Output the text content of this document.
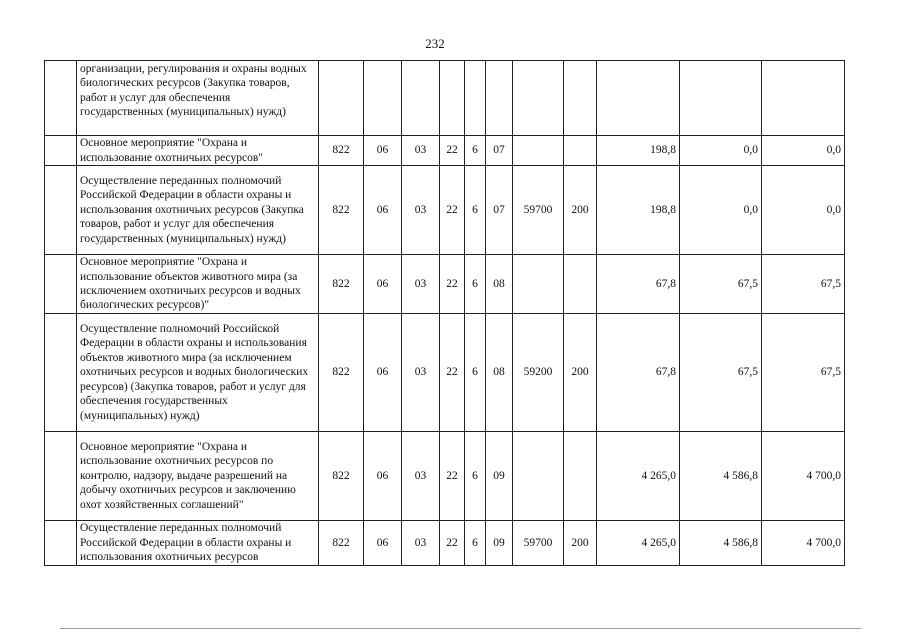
232
	организации, регулирования и охраны водных биологических ресурсов (Закупка товаров, работ и услуг для обеспечения государственных (муниципальных) нужд)											
	Основное мероприятие "Охрана и использование охотничьих ресурсов"	822	06	03	22	6	07			198,8	0,0	0,0
	Осуществление переданных полномочий Российской Федерации в области охраны и использования охотничьих ресурсов (Закупка товаров, работ и услуг для обеспечения государственных (муниципальных) нужд)	822	06	03	22	6	07	59700	200	198,8	0,0	0,0
	Основное мероприятие "Охрана и использование объектов животного мира (за исключением охотничьих ресурсов и водных биологических ресурсов)"	822	06	03	22	6	08			67,8	67,5	67,5
	Осуществление полномочий Российской Федерации в области охраны и использования объектов животного мира (за исключением охотничьих ресурсов и водных биологических ресурсов) (Закупка товаров, работ и услуг для обеспечения государственных (муниципальных) нужд)	822	06	03	22	6	08	59200	200	67,8	67,5	67,5
	Основное мероприятие "Охрана и использование охотничьих ресурсов по контролю, надзору, выдаче разрешений на добычу охотничьих ресурсов и заключению охот хозяйственных соглашений"	822	06	03	22	6	09			4 265,0	4 586,8	4 700,0
	Осуществление переданных полномочий Российской Федерации в области охраны и использования охотничьих ресурсов	822	06	03	22	6	09	59700	200	4 265,0	4 586,8	4 700,0
